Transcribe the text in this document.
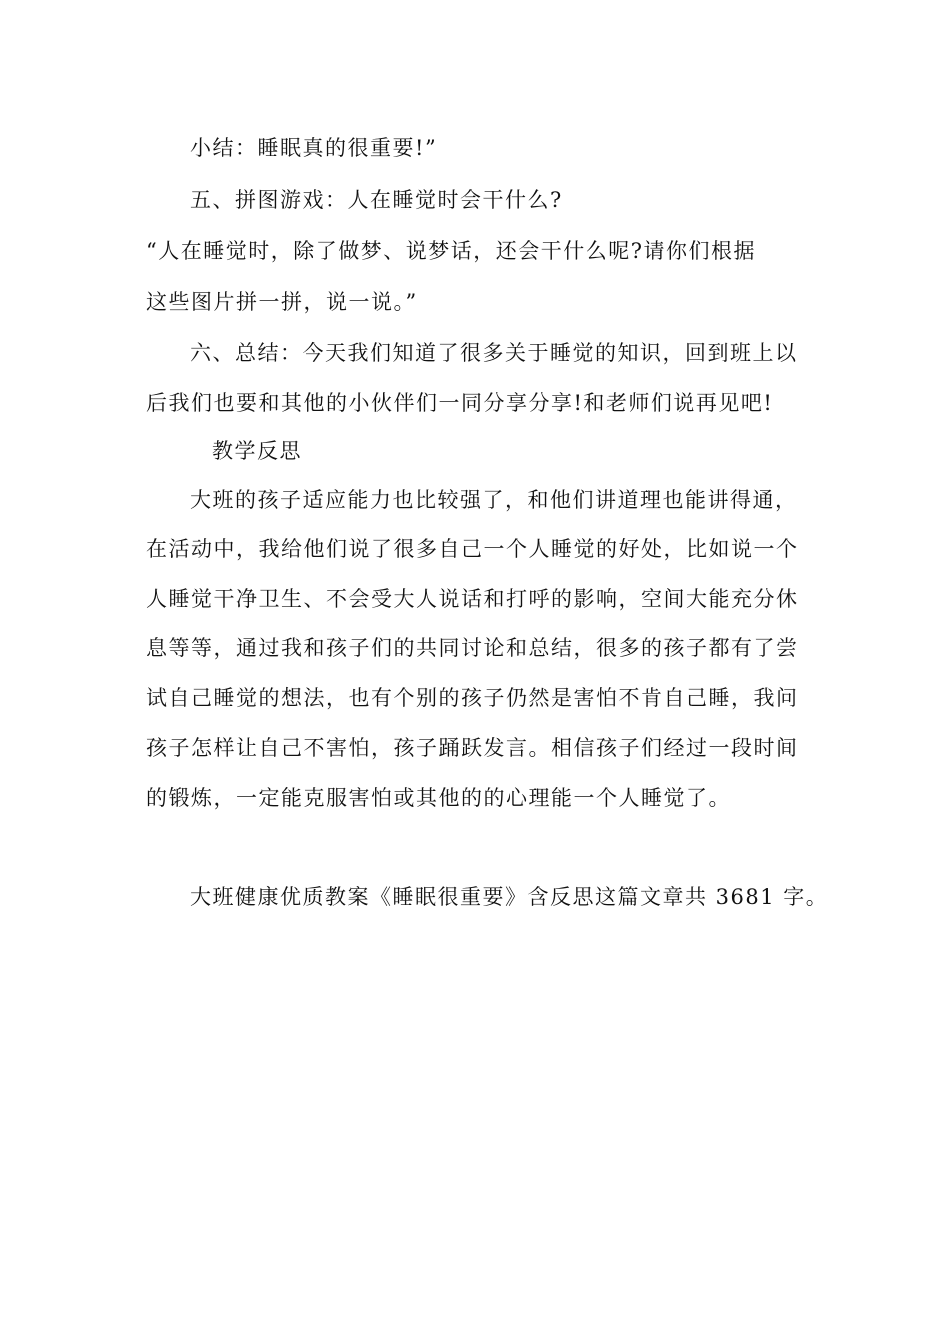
小结：睡眠真的很重要!”
五、拼图游戏：人在睡觉时会干什么?
“人在睡觉时，除了做梦、说梦话，还会干什么呢?请你们根据
这些图片拼一拼，说一说。”
六、总结：今天我们知道了很多关于睡觉的知识，回到班上以
后我们也要和其他的小伙伴们一同分享分享!和老师们说再见吧!
教学反思
大班的孩子适应能力也比较强了，和他们讲道理也能讲得通，
在活动中，我给他们说了很多自己一个人睡觉的好处，比如说一个
人睡觉干净卫生、不会受大人说话和打呼的影响，空间大能充分休
息等等，通过我和孩子们的共同讨论和总结，很多的孩子都有了尝
试自己睡觉的想法，也有个别的孩子仍然是害怕不肯自己睡，我问
孩子怎样让自己不害怕，孩子踊跃发言。相信孩子们经过一段时间
的锻炼，一定能克服害怕或其他的的心理能一个人睡觉了。
大班健康优质教案《睡眠很重要》含反思这篇文章共 3681 字。
